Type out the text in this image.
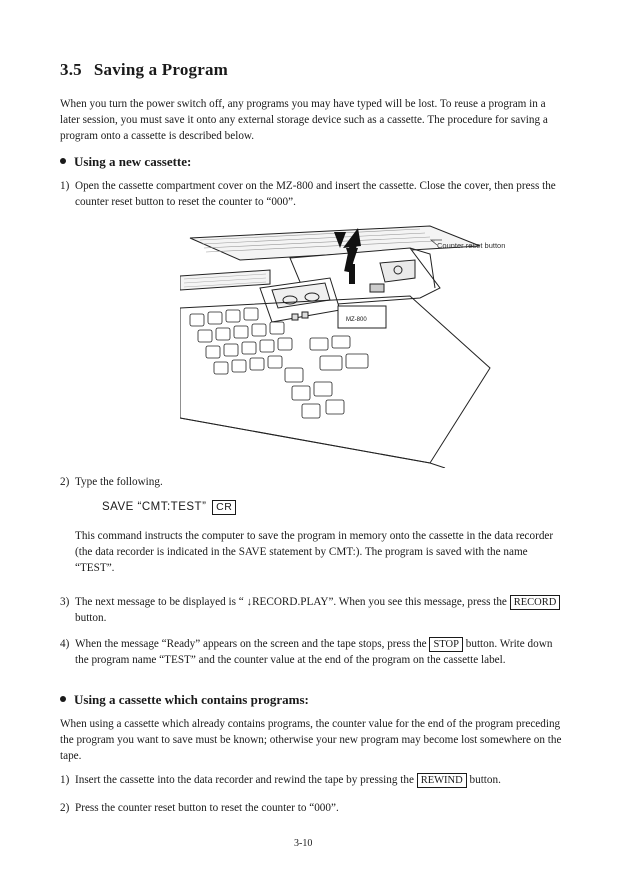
3.5 Saving a Program

When you turn the power switch off, any programs you may have typed will be lost. To reuse a program in a later session, you must save it onto any external storage device such as a cassette. The procedure for saving a program onto a cassette is described below.

Using a new cassette:
1) Open the cassette compartment cover on the MZ-800 and insert the cassette. Close the cover, then press the counter reset button to reset the counter to “000”.

MZ-800
Counter reset button
2) Type the following.

SAVE “CMT:TEST” CR

This command instructs the computer to save the program in memory onto the cassette in the data recorder (the data recorder is indicated in the SAVE statement by CMT:). The program is saved with the name “TEST”.

3) The next message to be displayed is “ ↓RECORD.PLAY”. When you see this message, press the RECORD button.

4) When the message “Ready” appears on the screen and the tape stops, press the STOP button. Write down the program name “TEST” and the counter value at the end of the program on the cassette label.

Using a cassette which contains programs:

When using a cassette which already contains programs, the counter value for the end of the program preceding the program you want to save must be known; otherwise your new program may become lost somewhere on the tape.

1) Insert the cassette into the data recorder and rewind the tape by pressing the REWIND button.

2) Press the counter reset button to reset the counter to “000”.

3-10
